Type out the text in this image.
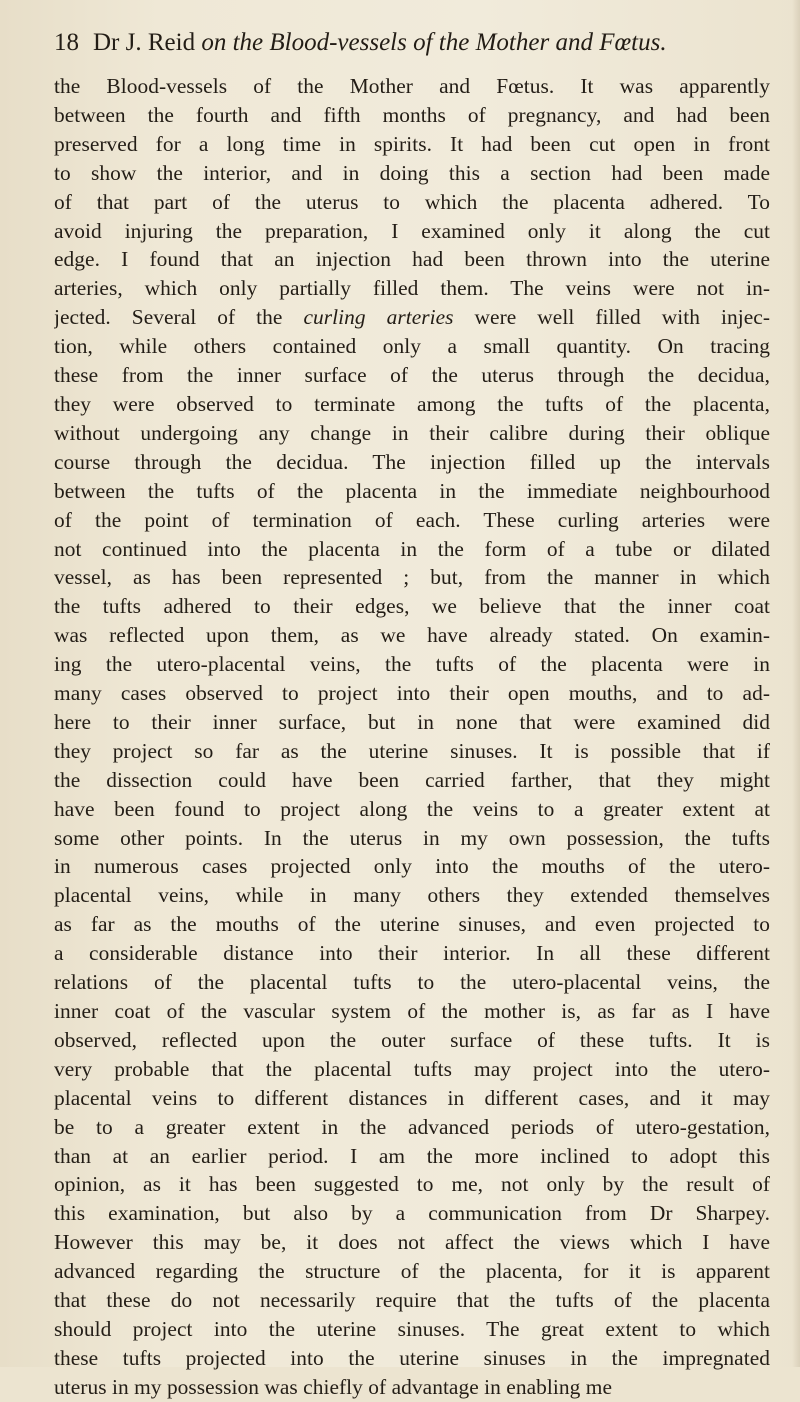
18 Dr J. Reid
on the
Blood-vessels
of the
Mother
and
Fœtus.
the Blood-vessels of the Mother and Fœtus. It was apparently
between the fourth and fifth months of pregnancy, and had been
preserved for a long time in spirits. It had been cut open in front
to show the interior, and in doing this a section had been made
of that part of the uterus to which the placenta adhered. To
avoid injuring the preparation, I examined only it along the cut
edge. I found that an injection had been thrown into the uterine
arteries, which only partially filled them. The veins were not in-
jected. Several of the curling arteries were well filled with injec-
tion, while others contained only a small quantity. On tracing
these from the inner surface of the uterus through the decidua,
they were observed to terminate among the tufts of the placenta,
without undergoing any change in their calibre during their oblique
course through the decidua. The injection filled up the intervals
between the tufts of the placenta in the immediate neighbourhood
of the point of termination of each. These curling arteries were
not continued into the placenta in the form of a tube or dilated
vessel, as has been represented ; but, from the manner in which
the tufts adhered to their edges, we believe that the inner coat
was reflected upon them, as we have already stated. On examin-
ing the utero-placental veins, the tufts of the placenta were in
many cases observed to project into their open mouths, and to ad-
here to their inner surface, but in none that were examined did
they project so far as the uterine sinuses. It is possible that if
the dissection could have been carried farther, that they might
have been found to project along the veins to a greater extent at
some other points. In the uterus in my own possession, the tufts
in numerous cases projected only into the mouths of the utero-
placental veins, while in many others they extended themselves
as far as the mouths of the uterine sinuses, and even projected to
a considerable distance into their interior. In all these different
relations of the placental tufts to the utero-placental veins, the
inner coat of the vascular system of the mother is, as far as I have
observed, reflected upon the outer surface of these tufts. It is
very probable that the placental tufts may project into the utero-
placental veins to different distances in different cases, and it may
be to a greater extent in the advanced periods of utero-gestation,
than at an earlier period. I am the more inclined to adopt this
opinion, as it has been suggested to me, not only by the result of
this examination, but also by a communication from Dr Sharpey.
However this may be, it does not affect the views which I have
advanced regarding the structure of the placenta, for it is apparent
that these do not necessarily require that the tufts of the placenta
should project into the uterine sinuses. The great extent to which
these tufts projected into the uterine sinuses in the impregnated
uterus in my possession was chiefly of advantage in enabling me
